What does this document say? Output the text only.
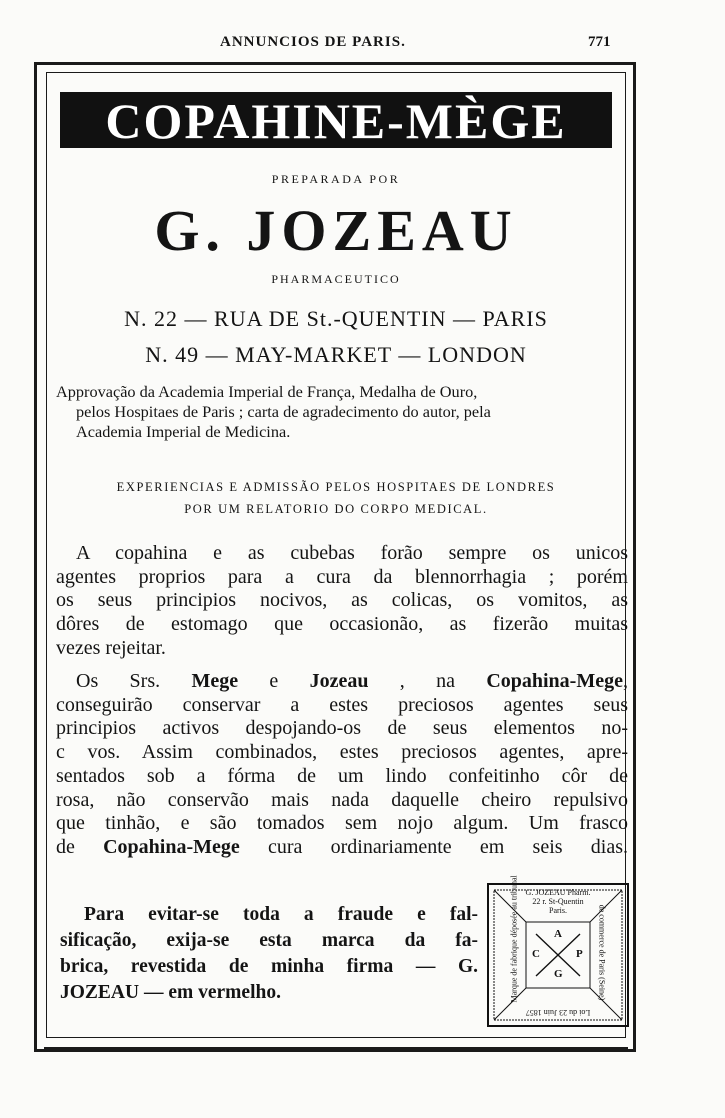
ANNUNCIOS DE PARIS.	771
COPAHINE-MÈGE
PREPARADA POR
G. JOZEAU
PHARMACEUTICO
N. 22 — RUA DE St.-QUENTIN — PARIS
N. 49 — MAY-MARKET — LONDON
Approvação da Academia Imperial de França, Medalha de Ouro,
pelos Hospitaes de Paris ; carta de agradecimento do autor, pela
Academia Imperial de Medicina.
EXPERIENCIAS E ADMISSÃO PELOS HOSPITAES DE LONDRES
POR UM RELATORIO DO CORPO MEDICAL.
A copahina e as cubebas forão sempre os unicos
agentes proprios para a cura da blennorrhagia ; porém
os seus principios nocivos, as colicas, os vomitos, as
dôres de estomago que occasionão, as fizerão muitas
vezes rejeitar.
Os Srs. Mege e Jozeau , na Copahina-Mege,
conseguirão conservar a estes preciosos agentes seus
principios activos despojando-os de seus elementos no-
c vos. Assim combinados, estes preciosos agentes, apre-
sentados sob a fórma de um lindo confeitinho côr de
rosa, não conservão mais nada daquelle cheiro repulsivo
que tinhão, e são tomados sem nojo algum. Um frasco
de Copahina-Mege cura ordinariamente em seis dias.
Para evitar-se toda a fraude e fal-
sificação, exija-se esta marca da fa-
brica, revestida de minha firma — G.
JOZEAU — em vermelho.
G. JOZEAU Pharm.
22 r. St-Quentin
Paris.
Marque de fabrique déposée au tribunal	de commerce de Paris (Seine)
Loi du 23 Juin 1857
A
C	P
G
